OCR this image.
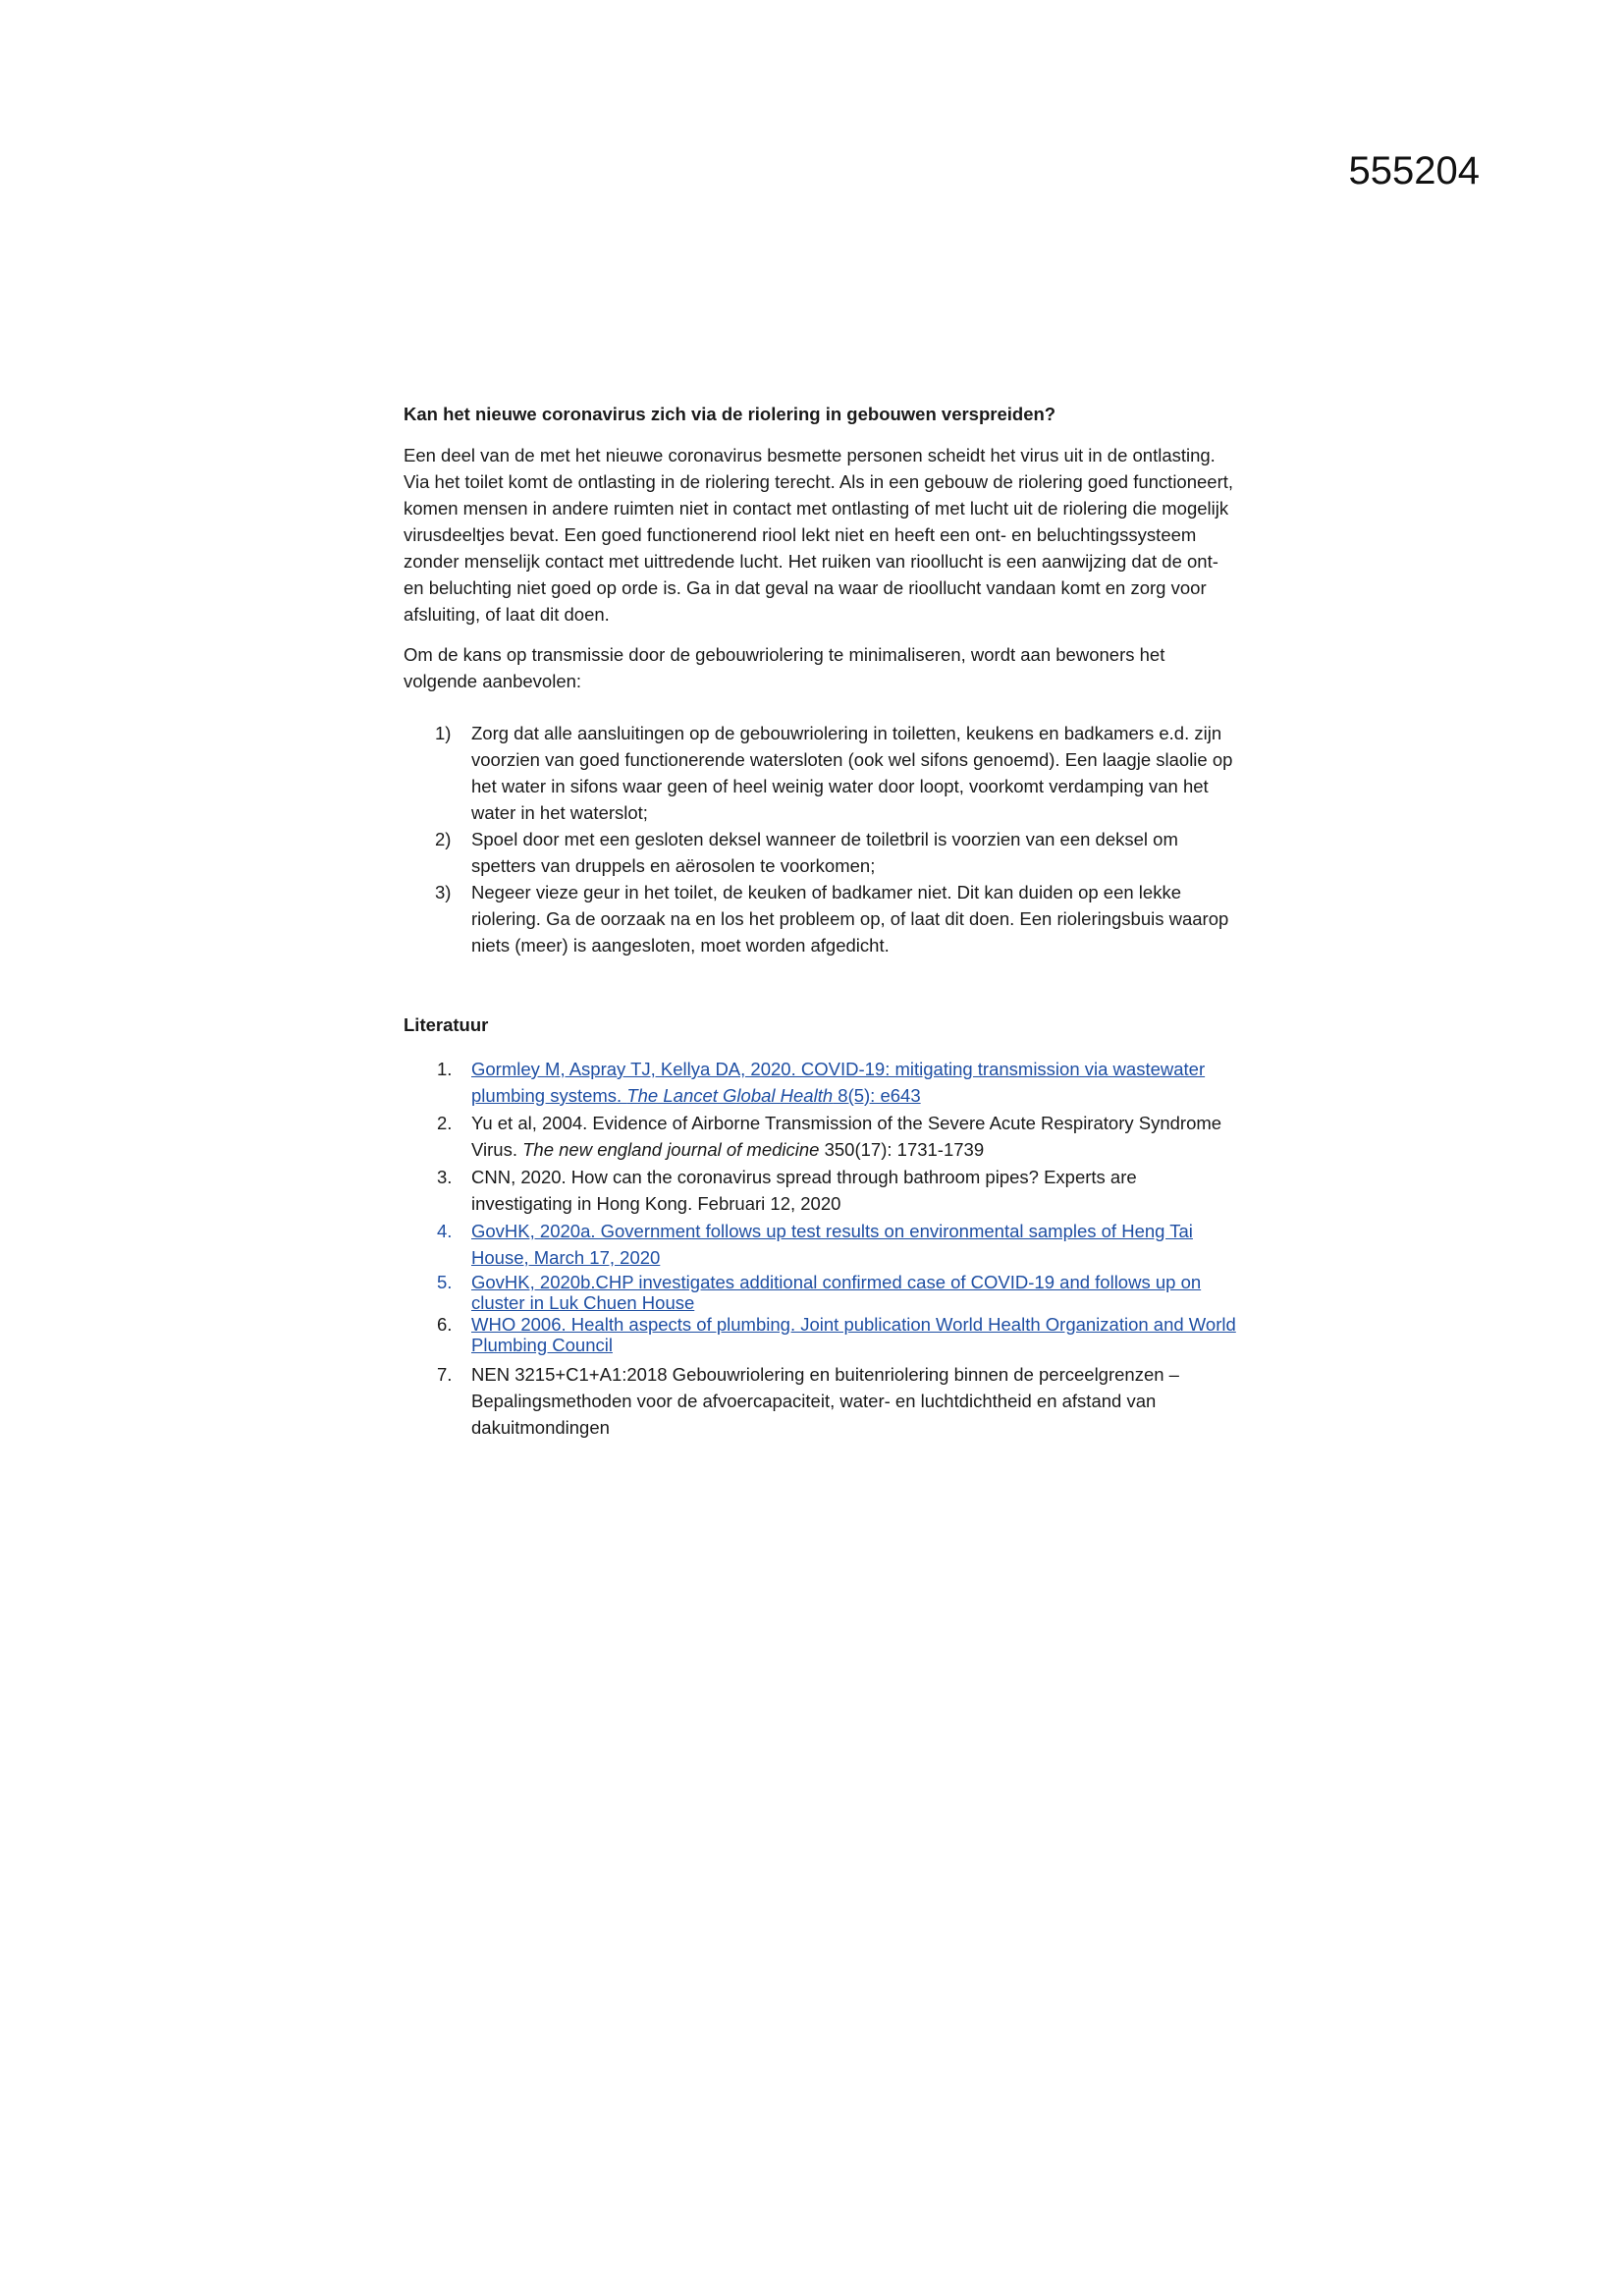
555204

Kan het nieuwe coronavirus zich via de riolering in gebouwen verspreiden?

Een deel van de met het nieuwe coronavirus besmette personen scheidt het virus uit in de ontlasting. Via het toilet komt de ontlasting in de riolering terecht. Als in een gebouw de riolering goed functioneert, komen mensen in andere ruimten niet in contact met ontlasting of met lucht uit de riolering die mogelijk virusdeeltjes bevat. Een goed functionerend riool lekt niet en heeft een ont- en beluchtingssysteem zonder menselijk contact met uittredende lucht. Het ruiken van rioollucht is een aanwijzing dat de ont- en beluchting niet goed op orde is. Ga in dat geval na waar de rioollucht vandaan komt en zorg voor afsluiting, of laat dit doen.

Om de kans op transmissie door de gebouwriolering te minimaliseren, wordt aan bewoners het volgende aanbevolen:

1) Zorg dat alle aansluitingen op de gebouwriolering in toiletten, keukens en badkamers e.d. zijn voorzien van goed functionerende watersloten (ook wel sifons genoemd). Een laagje slaolie op het water in sifons waar geen of heel weinig water door loopt, voorkomt verdamping van het water in het waterslot;
2) Spoel door met een gesloten deksel wanneer de toiletbril is voorzien van een deksel om spetters van druppels en aërosolen te voorkomen;
3) Negeer vieze geur in het toilet, de keuken of badkamer niet. Dit kan duiden op een lekke riolering. Ga de oorzaak na en los het probleem op, of laat dit doen. Een rioleringsbuis waarop niets (meer) is aangesloten, moet worden afgedicht.

Literatuur

1. Gormley M, Aspray TJ, Kellya DA, 2020. COVID-19: mitigating transmission via wastewater plumbing systems. The Lancet Global Health 8(5): e643
2. Yu et al, 2004. Evidence of Airborne Transmission of the Severe Acute Respiratory Syndrome Virus. The new england journal of medicine 350(17): 1731-1739
3. CNN, 2020. How can the coronavirus spread through bathroom pipes? Experts are investigating in Hong Kong. Februari 12, 2020
4. GovHK, 2020a. Government follows up test results on environmental samples of Heng Tai House, March 17, 2020
5. GovHK, 2020b.CHP investigates additional confirmed case of COVID-19 and follows up on cluster in Luk Chuen House
6. WHO 2006. Health aspects of plumbing. Joint publication World Health Organization and World Plumbing Council
7. NEN 3215+C1+A1:2018 Gebouwriolering en buitenriolering binnen de perceelgrenzen – Bepalingsmethoden voor de afvoercapaciteit, water- en luchtdichtheid en afstand van dakuitmondingen
